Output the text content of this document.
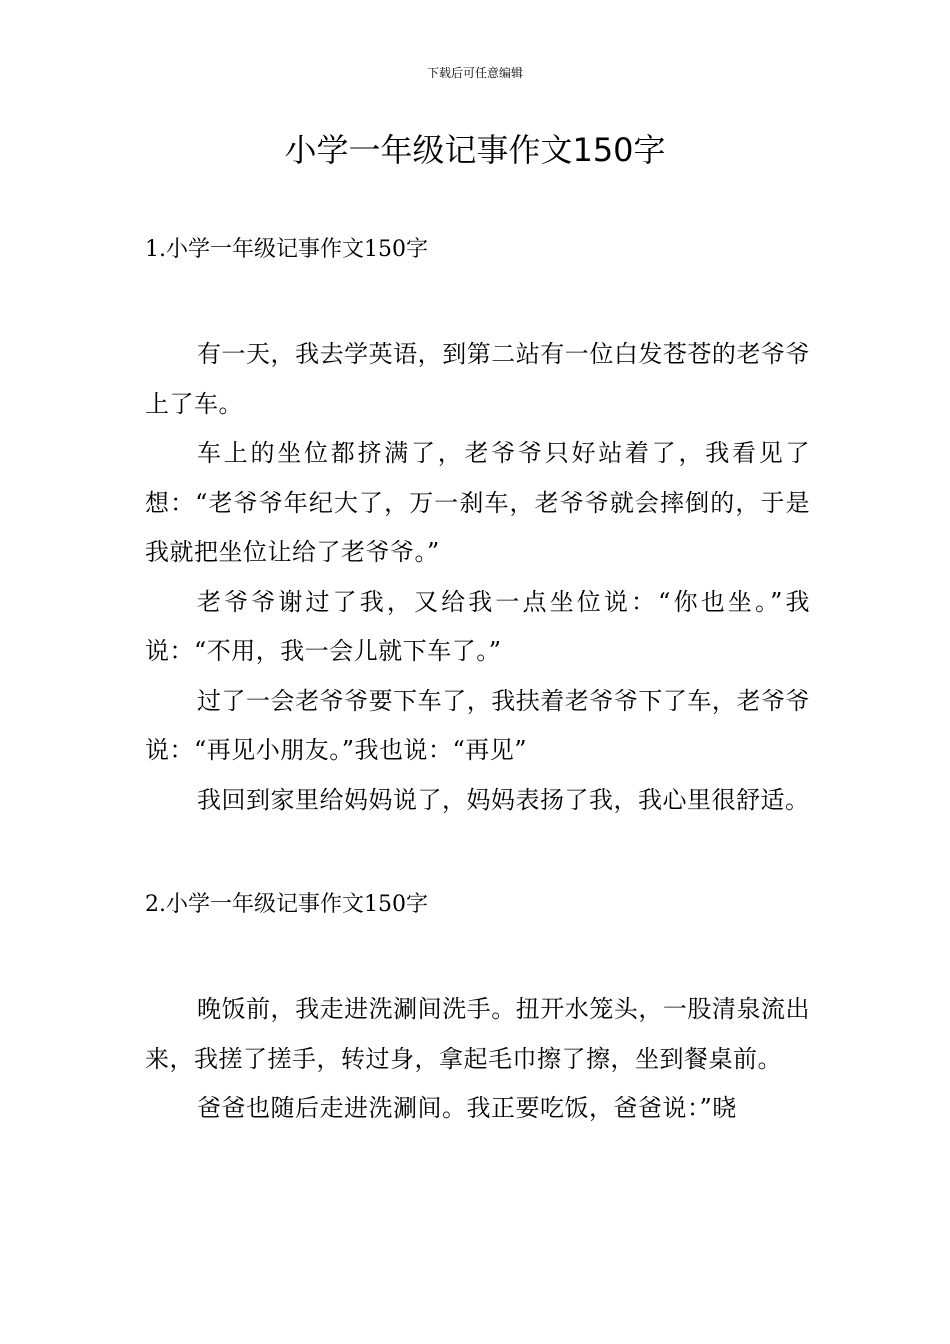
下载后可任意编辑
小学一年级记事作文150字
1.小学一年级记事作文150字

有一天，我去学英语，到第二站有一位白发苍苍的老爷爷上了车。

车上的坐位都挤满了，老爷爷只好站着了，我看见了想：“老爷爷年纪大了，万一刹车，老爷爷就会摔倒的，于是我就把坐位让给了老爷爷。”

老爷爷谢过了我，又给我一点坐位说：“你也坐。”我说：“不用，我一会儿就下车了。”

过了一会老爷爷要下车了，我扶着老爷爷下了车，老爷爷说：“再见小朋友。”我也说：“再见”

我回到家里给妈妈说了，妈妈表扬了我，我心里很舒适。

2.小学一年级记事作文150字

晚饭前，我走进洗涮间洗手。扭开水笼头，一股清泉流出来，我搓了搓手，转过身，拿起毛巾擦了擦，坐到餐桌前。

爸爸也随后走进洗涮间。我正要吃饭，爸爸说：”晓
